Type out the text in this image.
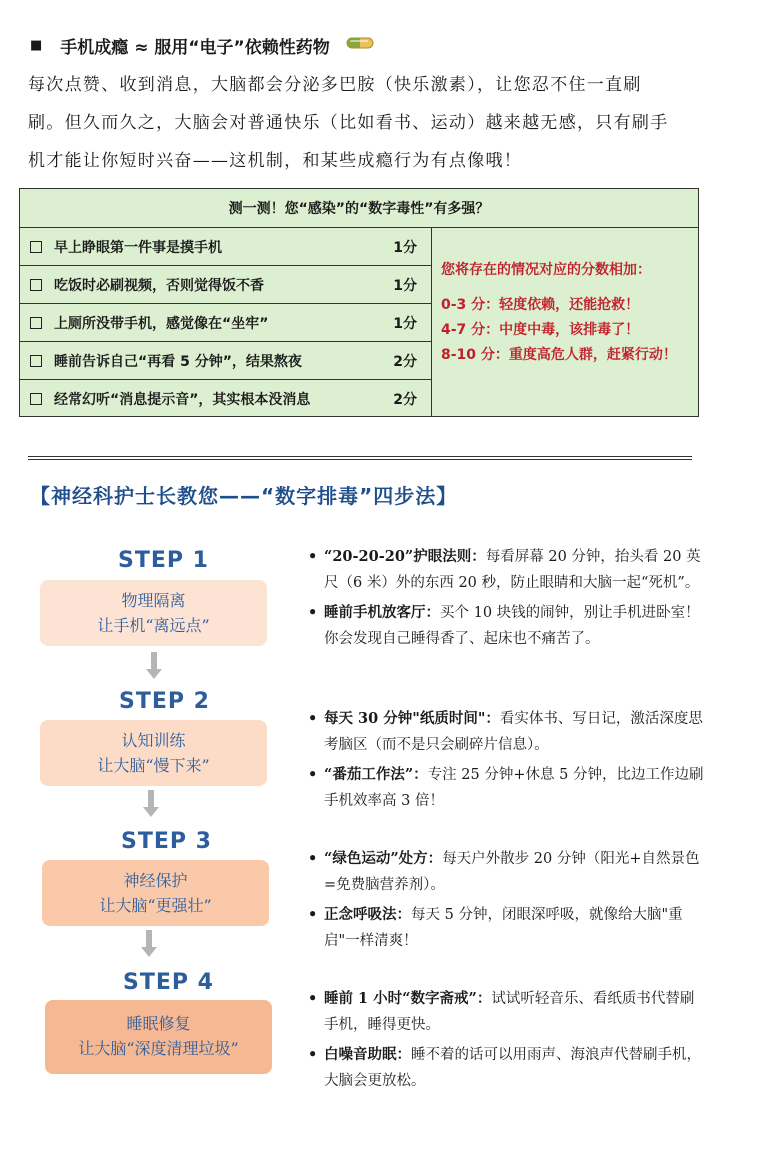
■ 手机成瘾 ≈ 服用“电子”依赖性药物
每次点赞、收到消息，大脑都会分泌多巴胺（快乐激素），让您忍不住一直刷
刷。但久而久之，大脑会对普通快乐（比如看书、运动）越来越无感，只有刷手
机才能让你短时兴奋——这机制，和某些成瘾行为有点像哦！
测一测！您“感染”的“数字毒性”有多强？
早上睁眼第一件事是摸手机	1分
吃饭时必刷视频，否则觉得饭不香	1分
上厕所没带手机，感觉像在“坐牢”	1分
睡前告诉自己“再看 5 分钟”，结果熬夜	2分
经常幻听“消息提示音”，其实根本没消息	2分
您将存在的情况对应的分数相加：
0-3 分：轻度依赖，还能抢救！
4-7 分：中度中毒，该排毒了！
8-10 分：重度高危人群，赶紧行动！
【神经科护士长教您——“数字排毒”四步法】
STEP 1
物理隔离
让手机“离远点”
• “20-20-20”护眼法则：每看屏幕 20 分钟，抬头看 20 英尺（6 米）外的东西 20 秒，防止眼睛和大脑一起“死机”。
• 睡前手机放客厅：买个 10 块钱的闹钟，别让手机进卧室！你会发现自己睡得香了、起床也不痛苦了。
STEP 2
认知训练
让大脑“慢下来”
• 每天 30 分钟"纸质时间"：看实体书、写日记，激活深度思考脑区（而不是只会刷碎片信息）。
• “番茄工作法”：专注 25 分钟+休息 5 分钟，比边工作边刷手机效率高 3 倍！
STEP 3
神经保护
让大脑“更强壮”
• “绿色运动”处方：每天户外散步 20 分钟（阳光+自然景色=免费脑营养剂）。
• 正念呼吸法：每天 5 分钟，闭眼深呼吸，就像给大脑"重启"一样清爽！
STEP 4
睡眠修复
让大脑“深度清理垃圾”
• 睡前 1 小时“数字斋戒”：试试听轻音乐、看纸质书代替刷手机，睡得更快。
• 白噪音助眠：睡不着的话可以用雨声、海浪声代替刷手机，大脑会更放松。
